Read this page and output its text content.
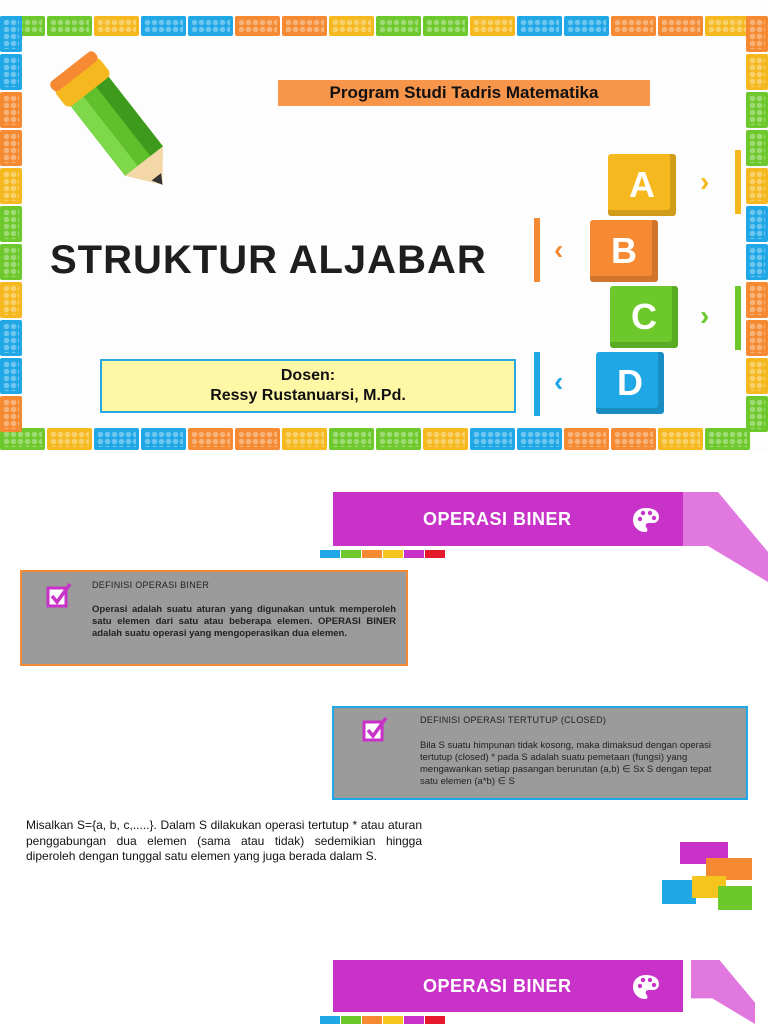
Program Studi Tadris Matematika
STRUKTUR ALJABAR
Dosen:
Ressy Rustanuarsi, M.Pd.
›
A
‹ B
›
C
‹ D
OPERASI BINER
DEFINISI OPERASI BINER
Operasi adalah suatu aturan yang digunakan untuk memperoleh satu elemen dari satu atau beberapa elemen. OPERASI BINER adalah suatu operasi yang mengoperasikan dua elemen.
DEFINISI OPERASI TERTUTUP (CLOSED)
Bila S suatu himpunan tidak kosong, maka dimaksud dengan operasi tertutup (closed) * pada S adalah suatu pemetaan (fungsi) yang mengawankan setiap pasangan berurutan (a,b) ∈ Sx S dengan tepat satu elemen (a*b) ∈ S
Misalkan S={a, b, c,.....}. Dalam S dilakukan operasi tertutup * atau aturan penggabungan dua elemen (sama atau tidak) sedemikian hingga diperoleh dengan tunggal satu elemen yang juga berada dalam S.
OPERASI BINER
